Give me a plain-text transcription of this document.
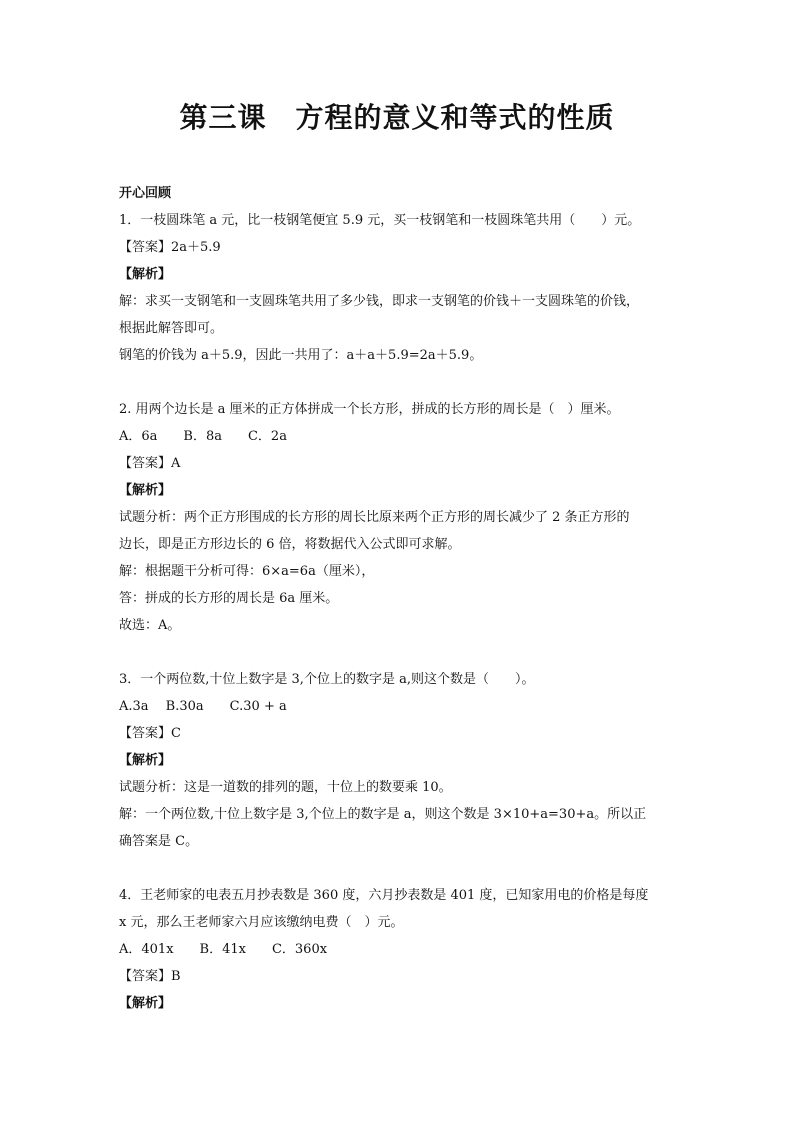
第三课　方程的意义和等式的性质
开心回顾
1．一枝圆珠笔 a 元，比一枝钢笔便宜 5.9 元，买一枝钢笔和一枝圆珠笔共用（　　）元。
【答案】2a＋5.9
【解析】
解：求买一支钢笔和一支圆珠笔共用了多少钱，即求一支钢笔的价钱＋一支圆珠笔的价钱，
根据此解答即可。
钢笔的价钱为 a＋5.9，因此一共用了：a＋a＋5.9=2a＋5.9。
2. 用两个边长是 a 厘米的正方体拼成一个长方形，拼成的长方形的周长是（　）厘米。
A．6a　　B．8a　　C．2a
【答案】A
【解析】
试题分析：两个正方形围成的长方形的周长比原来两个正方形的周长减少了 2 条正方形的
边长，即是正方形边长的 6 倍，将数据代入公式即可求解。
解：根据题干分析可得：6×a=6a（厘米），
答：拼成的长方形的周长是 6a 厘米。
故选：A。
3．一个两位数,十位上数字是 3,个位上的数字是 a,则这个数是（　　）。
A.3a　 B.30a　　C.30 + a
【答案】C
【解析】
试题分析：这是一道数的排列的题，十位上的数要乘 10。
解：一个两位数,十位上数字是 3,个位上的数字是 a，则这个数是 3×10+a=30+a。所以正
确答案是 C。
4．王老师家的电表五月抄表数是 360 度，六月抄表数是 401 度，已知家用电的价格是每度
x 元，那么王老师家六月应该缴纳电费（　）元。
A．401x　　B．41x　　C．360x
【答案】B
【解析】
